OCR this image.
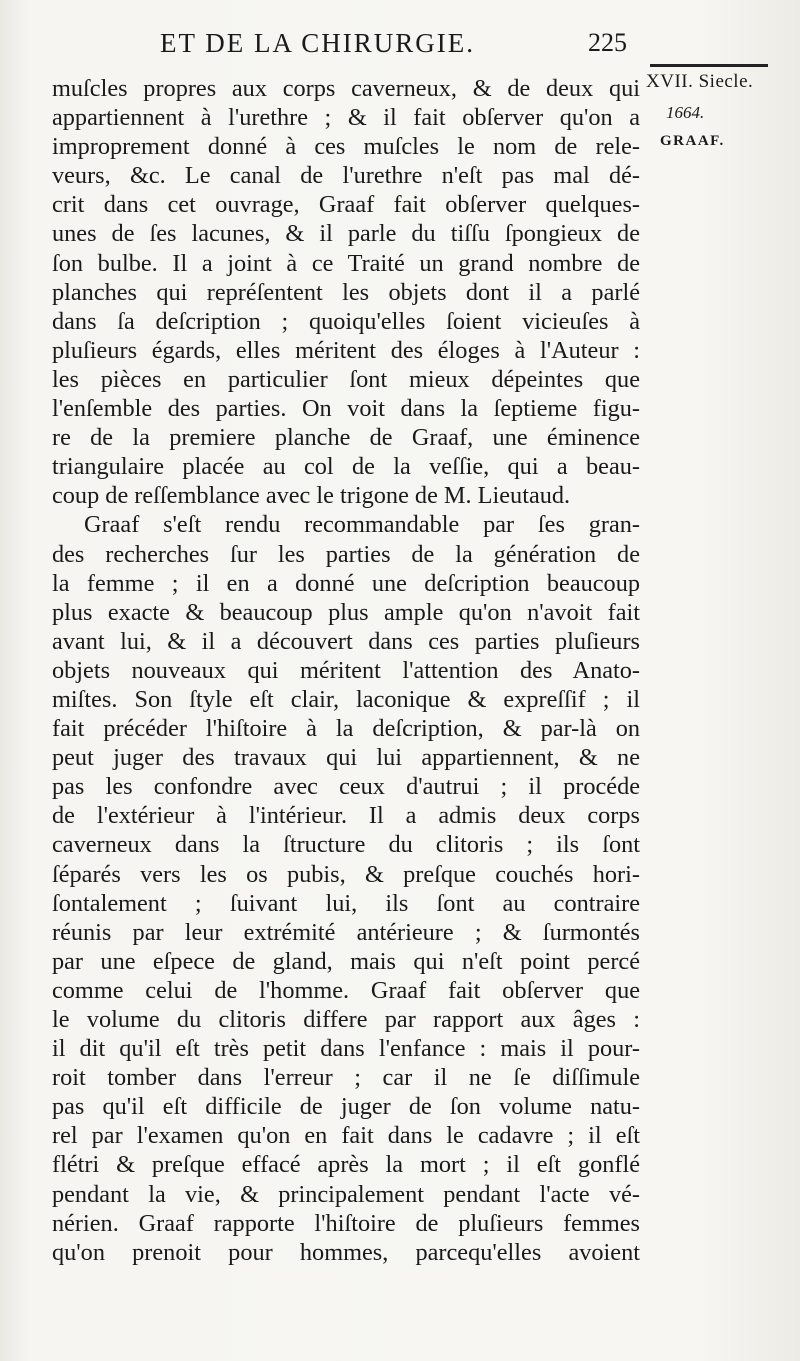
ET DE LA CHIRURGIE.	225
XVII. Siecle.
1664.
GRAAF.
muſcles propres aux corps caverneux, & de deux qui
appartiennent à l'urethre ; & il fait obſerver qu'on a
improprement donné à ces muſcles le nom de rele-
veurs, &c. Le canal de l'urethre n'eſt pas mal dé-
crit dans cet ouvrage, Graaf fait obſerver quelques-
unes de ſes lacunes, & il parle du tiſſu ſpongieux de
ſon bulbe. Il a joint à ce Traité un grand nombre de
planches qui repréſentent les objets dont il a parlé
dans ſa deſcription ; quoiqu'elles ſoient vicieuſes à
pluſieurs égards, elles méritent des éloges à l'Auteur :
les pièces en particulier ſont mieux dépeintes que
l'enſemble des parties. On voit dans la ſeptieme figu-
re de la premiere planche de Graaf, une éminence
triangulaire placée au col de la veſſie, qui a beau-
coup de reſſemblance avec le trigone de M. Lieutaud.
Graaf s'eſt rendu recommandable par ſes gran-
des recherches ſur les parties de la génération de
la femme ; il en a donné une deſcription beaucoup
plus exacte & beaucoup plus ample qu'on n'avoit fait
avant lui, & il a découvert dans ces parties pluſieurs
objets nouveaux qui méritent l'attention des Anato-
miſtes. Son ſtyle eſt clair, laconique & expreſſif ; il
fait précéder l'hiſtoire à la deſcription, & par-là on
peut juger des travaux qui lui appartiennent, & ne
pas les confondre avec ceux d'autrui ; il procéde
de l'extérieur à l'intérieur. Il a admis deux corps
caverneux dans la ſtructure du clitoris ; ils ſont
ſéparés vers les os pubis, & preſque couchés hori-
ſontalement ; ſuivant lui, ils ſont au contraire
réunis par leur extrémité antérieure ; & ſurmontés
par une eſpece de gland, mais qui n'eſt point percé
comme celui de l'homme. Graaf fait obſerver que
le volume du clitoris differe par rapport aux âges :
il dit qu'il eſt très petit dans l'enfance : mais il pour-
roit tomber dans l'erreur ; car il ne ſe diſſimule
pas qu'il eſt difficile de juger de ſon volume natu-
rel par l'examen qu'on en fait dans le cadavre ; il eſt
flétri & preſque effacé après la mort ; il eſt gonflé
pendant la vie, & principalement pendant l'acte vé-
nérien. Graaf rapporte l'hiſtoire de pluſieurs femmes
qu'on prenoit pour hommes, parcequ'elles avoient
